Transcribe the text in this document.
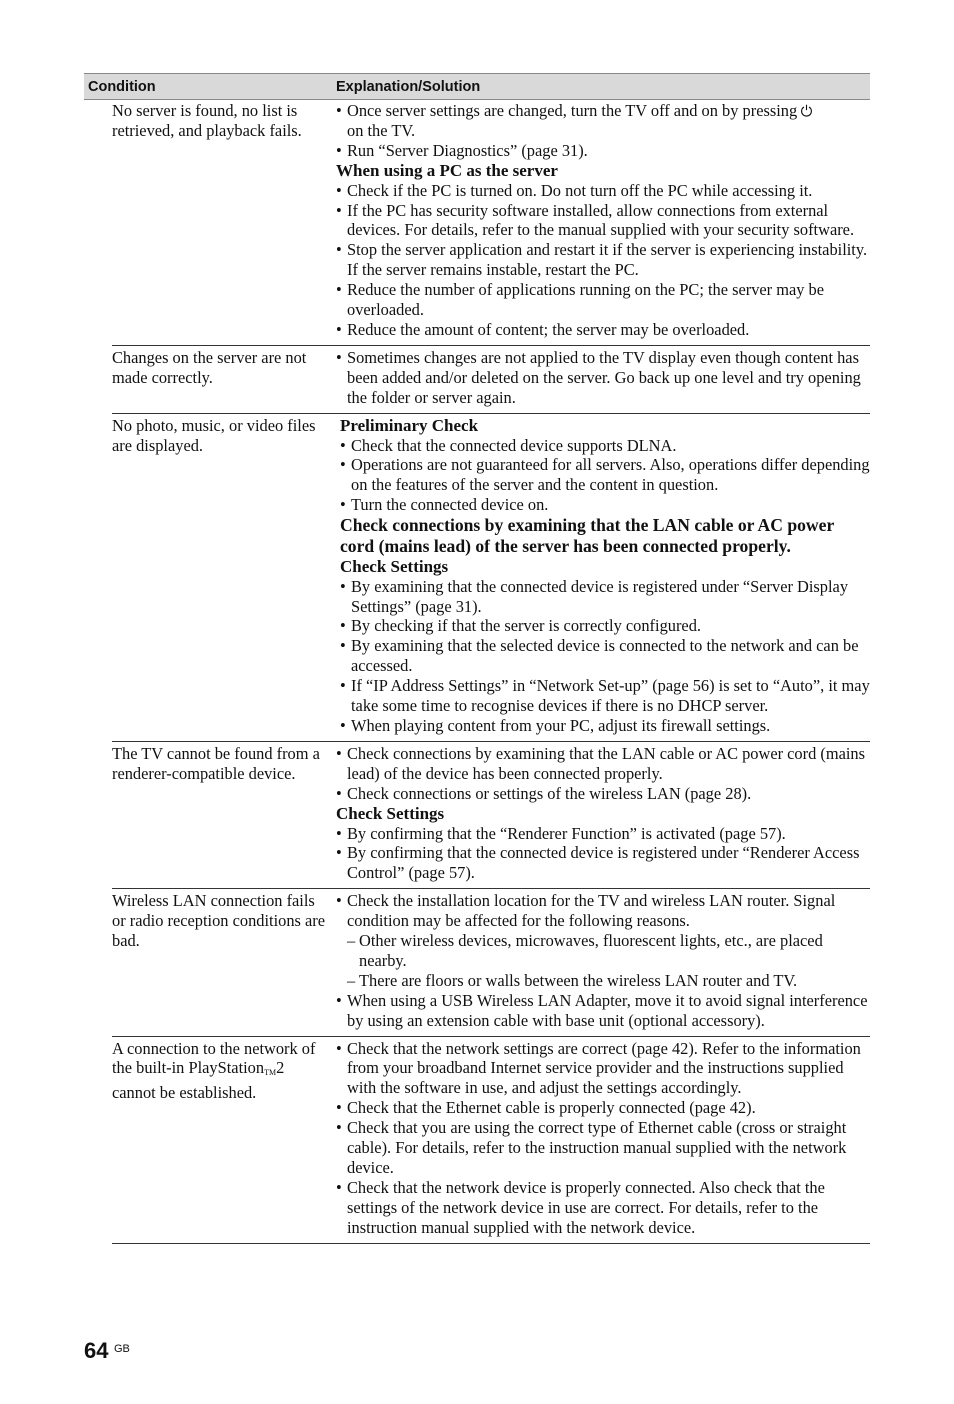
Condition	Explanation/Solution
No server is found, no list is retrieved, and playback fails.
• Once server settings are changed, turn the TV off and on by pressing
on the TV.
• Run “Server Diagnostics” (page 31).
When using a PC as the server
• Check if the PC is turned on. Do not turn off the PC while accessing it.
• If the PC has security software installed, allow connections from external devices. For details, refer to the manual supplied with your security software.
• Stop the server application and restart it if the server is experiencing instability. If the server remains instable, restart the PC.
• Reduce the number of applications running on the PC; the server may be overloaded.
• Reduce the amount of content; the server may be overloaded.
Changes on the server are not made correctly.
• Sometimes changes are not applied to the TV display even though content has been added and/or deleted on the server. Go back up one level and try opening the folder or server again.
No photo, music, or video files are displayed.
Preliminary Check
• Check that the connected device supports DLNA.
• Operations are not guaranteed for all servers. Also, operations differ depending on the features of the server and the content in question.
• Turn the connected device on.
Check connections by examining that the LAN cable or AC power cord (mains lead) of the server has been connected properly.
Check Settings
• By examining that the connected device is registered under “Server Display Settings” (page 31).
• By checking if that the server is correctly configured.
• By examining that the selected device is connected to the network and can be accessed.
• If “IP Address Settings” in “Network Set-up” (page 56) is set to “Auto”, it may take some time to recognise devices if there is no DHCP server.
• When playing content from your PC, adjust its firewall settings.
The TV cannot be found from a renderer-compatible device.
• Check connections by examining that the LAN cable or AC power cord (mains lead) of the device has been connected properly.
• Check connections or settings of the wireless LAN (page 28).
Check Settings
• By confirming that the “Renderer Function” is activated (page 57).
• By confirming that the connected device is registered under “Renderer Access Control” (page 57).
Wireless LAN connection fails or radio reception conditions are bad.
• Check the installation location for the TV and wireless LAN router. Signal condition may be affected for the following reasons.
– Other wireless devices, microwaves, fluorescent lights, etc., are placed nearby.
– There are floors or walls between the wireless LAN router and TV.
• When using a USB Wireless LAN Adapter, move it to avoid signal interference by using an extension cable with base unit (optional accessory).
A connection to the network of the built-in PlayStation$_{TM}$2 cannot be established.
• Check that the network settings are correct (page 42). Refer to the information from your broadband Internet service provider and the instructions supplied with the software in use, and adjust the settings accordingly.
• Check that the Ethernet cable is properly connected (page 42).
• Check that you are using the correct type of Ethernet cable (cross or straight cable). For details, refer to the instruction manual supplied with the network device.
• Check that the network device is properly connected. Also check that the settings of the network device in use are correct. For details, refer to the instruction manual supplied with the network device.
64 GB
